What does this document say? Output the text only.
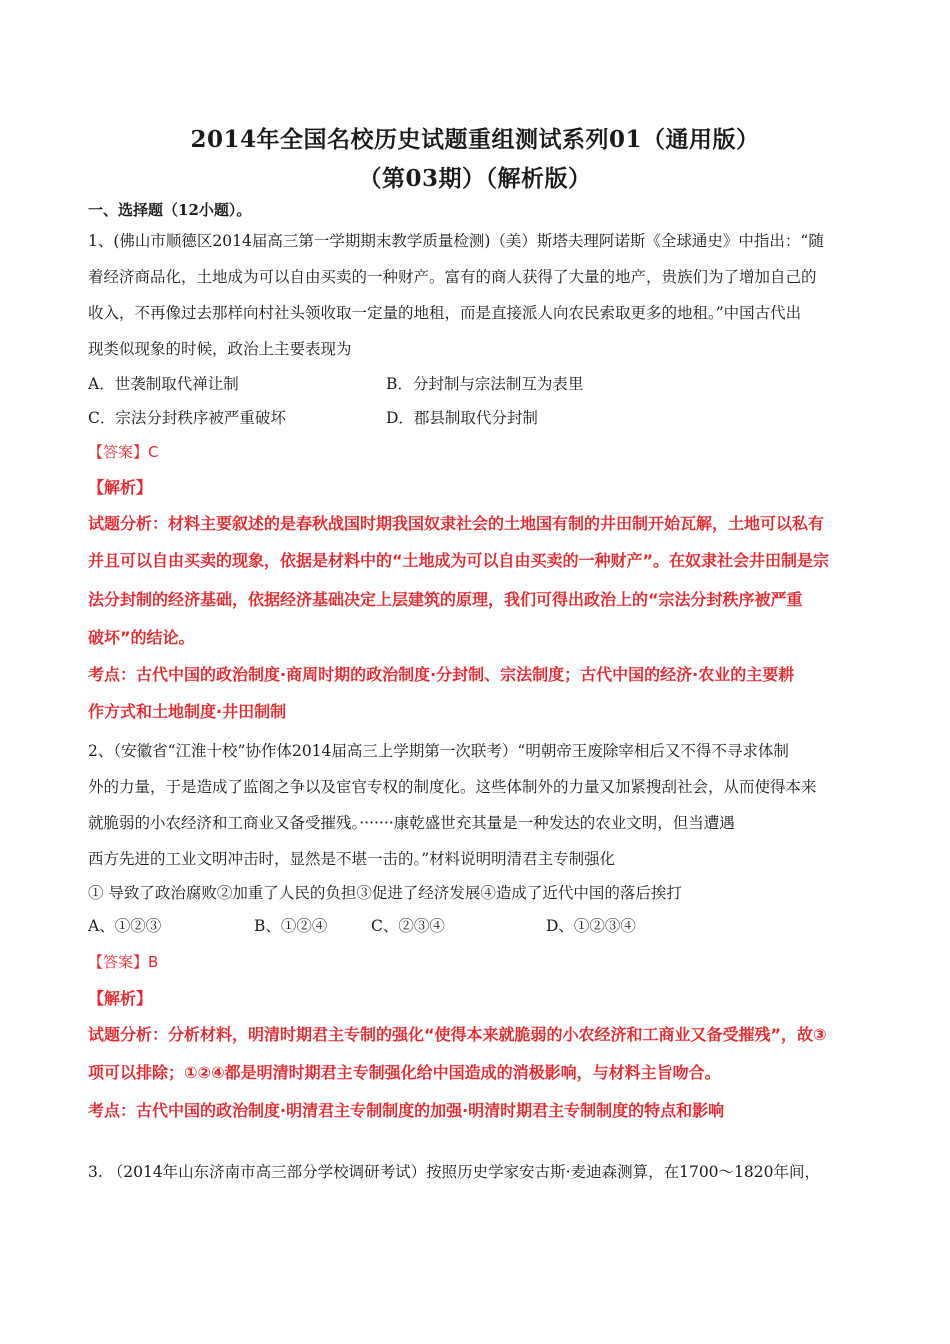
2014年全国名校历史试题重组测试系列01（通用版）
（第03期）（解析版）
一、选择题（12小题）。
1、(佛山市顺德区2014届高三第一学期期末教学质量检测)（美）斯塔夫理阿诺斯《全球通史》中指出：“随
着经济商品化，土地成为可以自由买卖的一种财产。富有的商人获得了大量的地产，贵族们为了增加自己的
收入，不再像过去那样向村社头领收取一定量的地租，而是直接派人向农民索取更多的地租。”中国古代出
现类似现象的时候，政治上主要表现为
A．世袭制取代禅让制	B．分封制与宗法制互为表里
C．宗法分封秩序被严重破坏	D．郡县制取代分封制
【答案】C
【解析】
试题分析：材料主要叙述的是春秋战国时期我国奴隶社会的土地国有制的井田制开始瓦解，土地可以私有
并且可以自由买卖的现象，依据是材料中的“土地成为可以自由买卖的一种财产”。在奴隶社会井田制是宗
法分封制的经济基础，依据经济基础决定上层建筑的原理，我们可得出政治上的“宗法分封秩序被严重
破坏”的结论。
考点：古代中国的政治制度·商周时期的政治制度·分封制、宗法制度；古代中国的经济·农业的主要耕
作方式和土地制度·井田制制
2、（安徽省“江淮十校”协作体2014届高三上学期第一次联考）“明朝帝王废除宰相后又不得不寻求体制
外的力量，于是造成了监阁之争以及宦官专权的制度化。这些体制外的力量又加紧搜刮社会，从而使得本来
就脆弱的小农经济和工商业又备受摧残。·······康乾盛世充其量是一种发达的农业文明，但当遭遇
西方先进的工业文明冲击时，显然是不堪一击的。”材料说明明清君主专制强化
① 导致了政治腐败②加重了人民的负担③促进了经济发展④造成了近代中国的落后挨打
A、①②③	B、①②④	C、②③④	D、①②③④
【答案】B
【解析】
试题分析：分析材料，明清时期君主专制的强化“使得本来就脆弱的小农经济和工商业又备受摧残”，故③
项可以排除；①②④都是明清时期君主专制强化给中国造成的消极影响，与材料主旨吻合。
考点：古代中国的政治制度·明清君主专制制度的加强·明清时期君主专制制度的特点和影响
3. （2014年山东济南市高三部分学校调研考试）按照历史学家安古斯·麦迪森测算，在1700～1820年间，
